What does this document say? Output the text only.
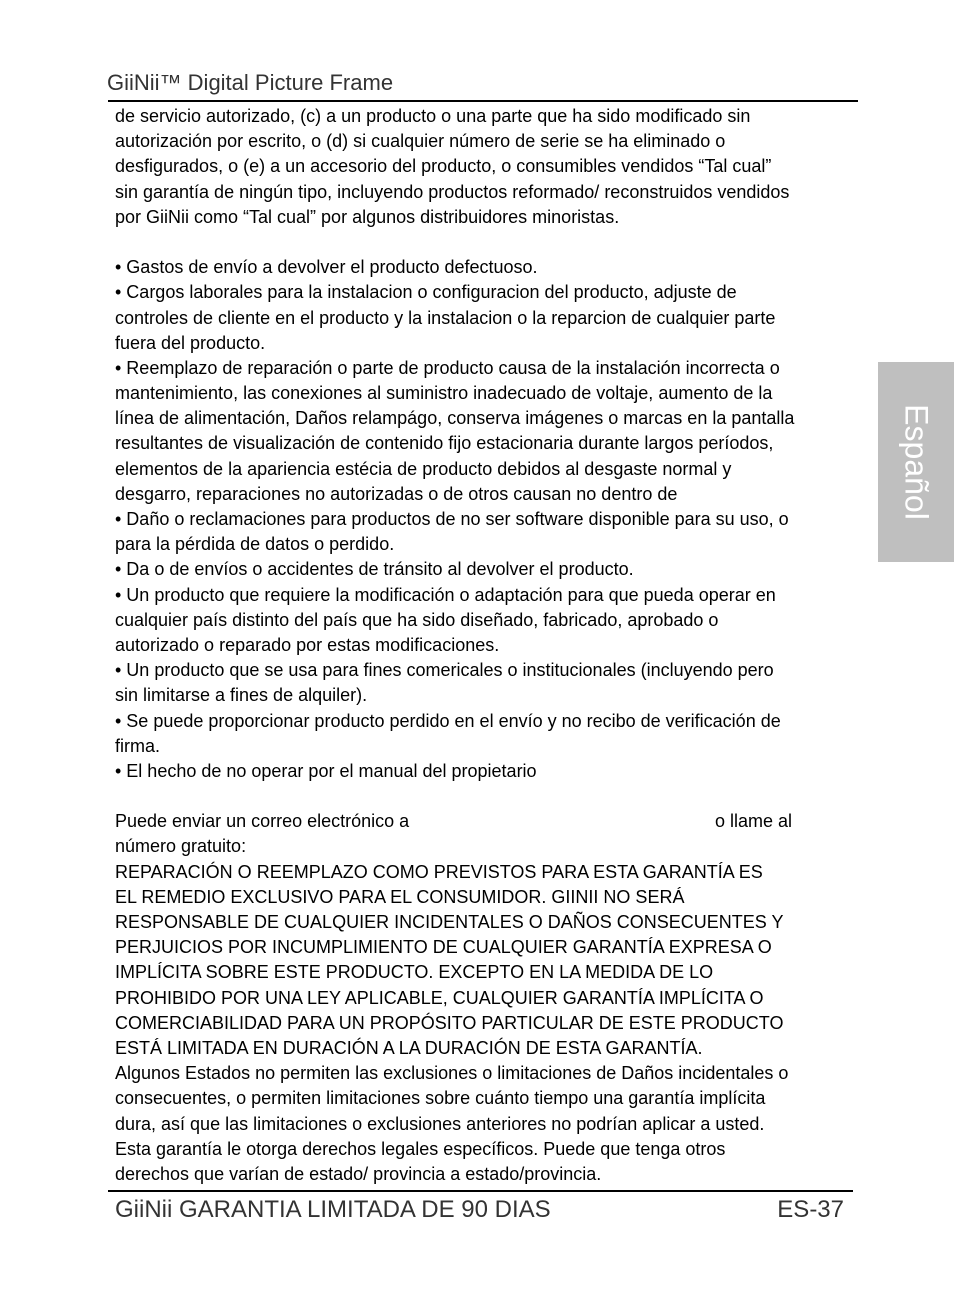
GiiNii™ Digital Picture Frame
de servicio autorizado, (c) a un producto o una parte que ha sido modificado sin
autorización por escrito, o (d) si cualquier número de serie se ha eliminado o
desfigurados, o (e) a un accesorio del producto, o consumibles vendidos “Tal cual”
sin garantía de ningún tipo, incluyendo productos reformado/ reconstruidos vendidos
por GiiNii como “Tal cual” por algunos distribuidores minoristas.
• Gastos de envío a devolver el producto defectuoso.
• Cargos laborales para la instalacion o configuracion del producto, adjuste de
controles de cliente en el producto y la instalacion o la reparcion de cualquier parte
fuera del producto.
• Reemplazo de reparación o parte de producto causa de la instalación incorrecta o
mantenimiento, las conexiones al suministro inadecuado de voltaje, aumento de la
línea de alimentación, Daños relampágo, conserva imágenes o marcas en la pantalla
resultantes de visualización de contenido fijo estacionaria durante largos períodos,
elementos de la apariencia estécia de producto debidos al desgaste normal y
desgarro, reparaciones no autorizadas o de otros causan no dentro de
• Daño o reclamaciones para productos de no ser software disponible para su uso, o
para la pérdida de datos o perdido.
• Da o de envíos o accidentes de tránsito al devolver el producto.
• Un producto que requiere la modificación o adaptación para que pueda operar en
cualquier país distinto del país que ha sido diseñado, fabricado, aprobado o
autorizado o reparado por estas modificaciones.
• Un producto que se usa para fines comericales o institucionales (incluyendo pero
sin limitarse a fines de alquiler).
• Se puede proporcionar producto perdido en el envío y no recibo de verificación de
firma.
• El hecho de no operar por el manual del propietario
Puede enviar un correo electrónico a	o llame al
número gratuito:
REPARACIÓN O REEMPLAZO COMO PREVISTOS PARA ESTA GARANTÍA ES
EL REMEDIO EXCLUSIVO PARA EL CONSUMIDOR. GIINII NO SERÁ
RESPONSABLE DE CUALQUIER INCIDENTALES O DAÑOS CONSECUENTES Y
PERJUICIOS POR INCUMPLIMIENTO DE CUALQUIER GARANTÍA EXPRESA O
IMPLÍCITA SOBRE ESTE PRODUCTO. EXCEPTO EN LA MEDIDA DE LO
PROHIBIDO POR UNA LEY APLICABLE, CUALQUIER GARANTÍA IMPLÍCITA O
COMERCIABILIDAD PARA UN PROPÓSITO PARTICULAR DE ESTE PRODUCTO
ESTÁ LIMITADA EN DURACIÓN A LA DURACIÓN DE ESTA GARANTÍA.
Algunos Estados no permiten las exclusiones o limitaciones de Daños incidentales o
consecuentes, o permiten limitaciones sobre cuánto tiempo una garantía implícita
dura, así que las limitaciones o exclusiones anteriores no podrían aplicar a usted.
Esta garantía le otorga derechos legales específicos. Puede que tenga otros
derechos que varían de estado/ provincia a estado/provincia.
Español
GiiNii GARANTIA LIMITADA DE 90 DIAS	ES-37
